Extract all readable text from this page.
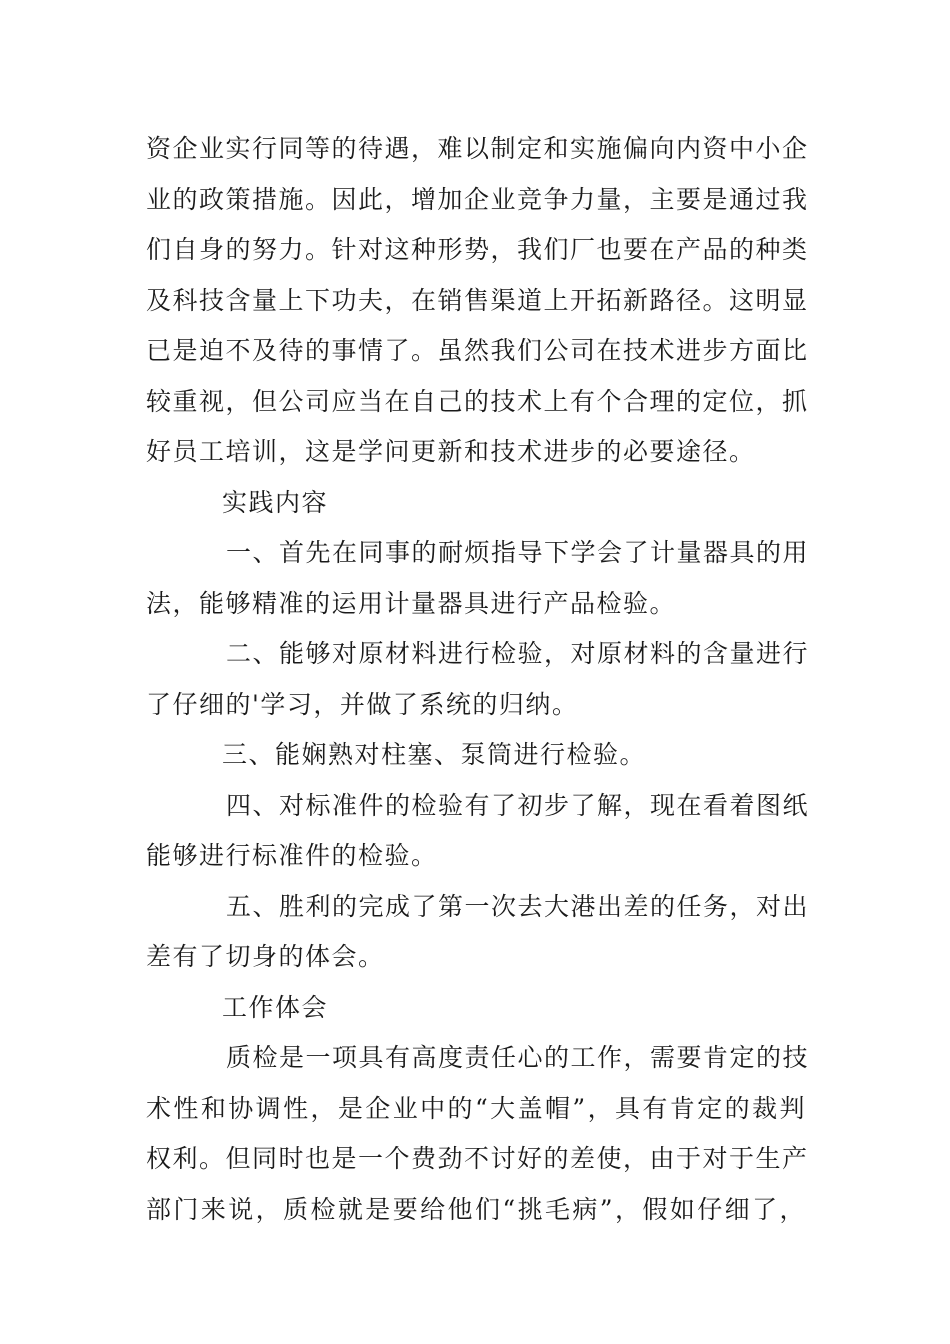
资企业实行同等的待遇，难以制定和实施偏向内资中小企
业的政策措施。因此，增加企业竞争力量，主要是通过我
们自身的努力。针对这种形势，我们厂也要在产品的种类
及科技含量上下功夫，在销售渠道上开拓新路径。这明显
已是迫不及待的事情了。虽然我们公司在技术进步方面比
较重视，但公司应当在自己的技术上有个合理的定位，抓
好员工培训，这是学问更新和技术进步的必要途径。
实践内容
一、首先在同事的耐烦指导下学会了计量器具的用
法，能够精准的运用计量器具进行产品检验。
二、能够对原材料进行检验，对原材料的含量进行
了仔细的'学习，并做了系统的归纳。
三、能娴熟对柱塞、泵筒进行检验。
四、对标准件的检验有了初步了解，现在看着图纸
能够进行标准件的检验。
五、胜利的完成了第一次去大港出差的任务，对出
差有了切身的体会。
工作体会
质检是一项具有高度责任心的工作，需要肯定的技
术性和协调性，是企业中的“大盖帽”，具有肯定的裁判
权利。但同时也是一个费劲不讨好的差使，由于对于生产
部门来说，质检就是要给他们“挑毛病”，假如仔细了，
